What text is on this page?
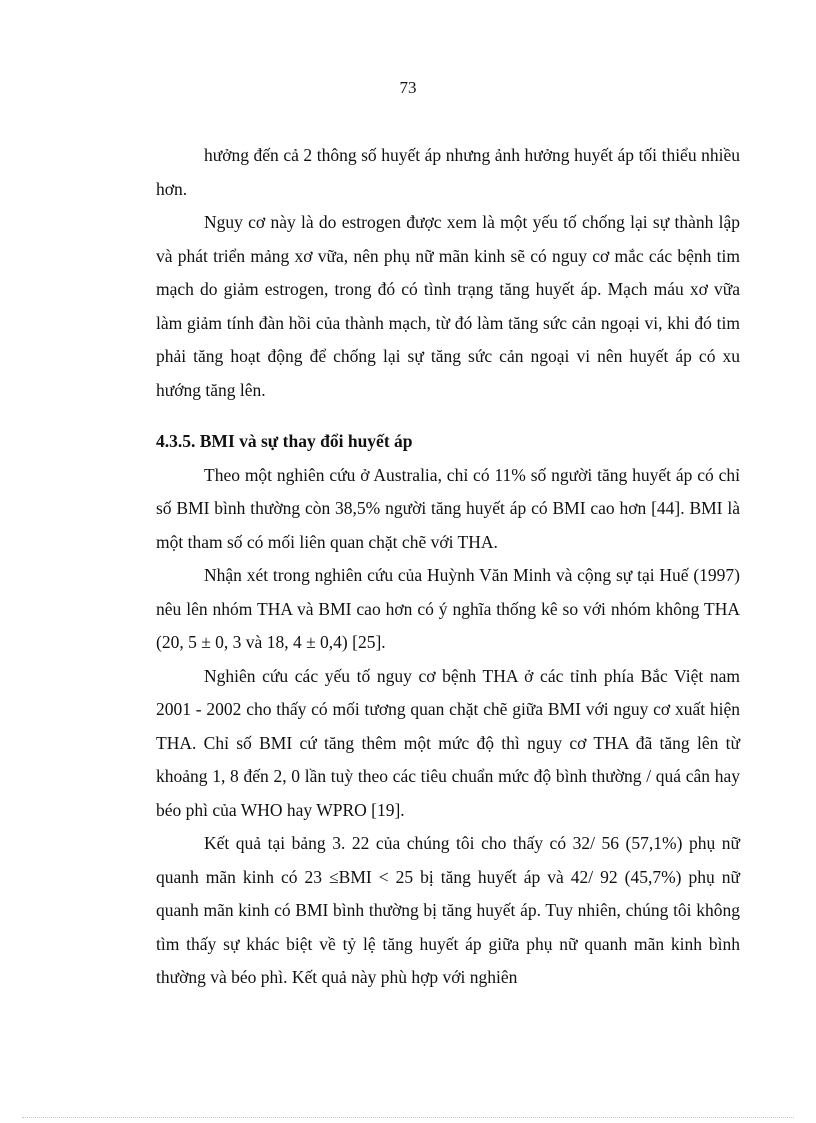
73

hưởng đến cả 2 thông số huyết áp nhưng ảnh hưởng huyết áp tối thiểu nhiều hơn.

Nguy cơ này là do estrogen được xem là một yếu tố chống lại sự thành lập và phát triển mảng xơ vữa, nên phụ nữ mãn kinh sẽ có nguy cơ mắc các bệnh tim mạch do giảm estrogen, trong đó có tình trạng tăng huyết áp. Mạch máu xơ vữa làm giảm tính đàn hồi của thành mạch, từ đó làm tăng sức cản ngoại vi, khi đó tim phải tăng hoạt động để chống lại sự tăng sức cản ngoại vi nên huyết áp có xu hướng tăng lên.

4.3.5. BMI và sự thay đổi huyết áp

Theo một nghiên cứu ở Australia, chỉ có 11% số người tăng huyết áp có chỉ số BMI bình thường còn 38,5% người tăng huyết áp có BMI cao hơn [44]. BMI là một tham số có mối liên quan chặt chẽ với THA.

Nhận xét trong nghiên cứu của Huỳnh Văn Minh và cộng sự tại Huế (1997) nêu lên nhóm THA và BMI cao hơn có ý nghĩa thống kê so với nhóm không THA (20, 5 ± 0, 3 và 18, 4 ± 0,4) [25].

Nghiên cứu các yếu tố nguy cơ bệnh THA ở các tỉnh phía Bắc Việt nam 2001 - 2002 cho thấy có mối tương quan chặt chẽ giữa BMI với nguy cơ xuất hiện THA. Chỉ số BMI cứ tăng thêm một mức độ thì nguy cơ THA đã tăng lên từ khoảng 1, 8 đến 2, 0 lần tuỳ theo các tiêu chuẩn mức độ bình thường / quá cân hay béo phì của WHO hay WPRO [19].

Kết quả tại bảng 3. 22 của chúng tôi cho thấy có 32/ 56 (57,1%) phụ nữ quanh mãn kinh có 23 ≤BMI < 25 bị tăng huyết áp và 42/ 92 (45,7%) phụ nữ quanh mãn kinh có BMI bình thường bị tăng huyết áp. Tuy nhiên, chúng tôi không tìm thấy sự khác biệt về tỷ lệ tăng huyết áp giữa phụ nữ quanh mãn kinh bình thường và béo phì. Kết quả này phù hợp với nghiên
